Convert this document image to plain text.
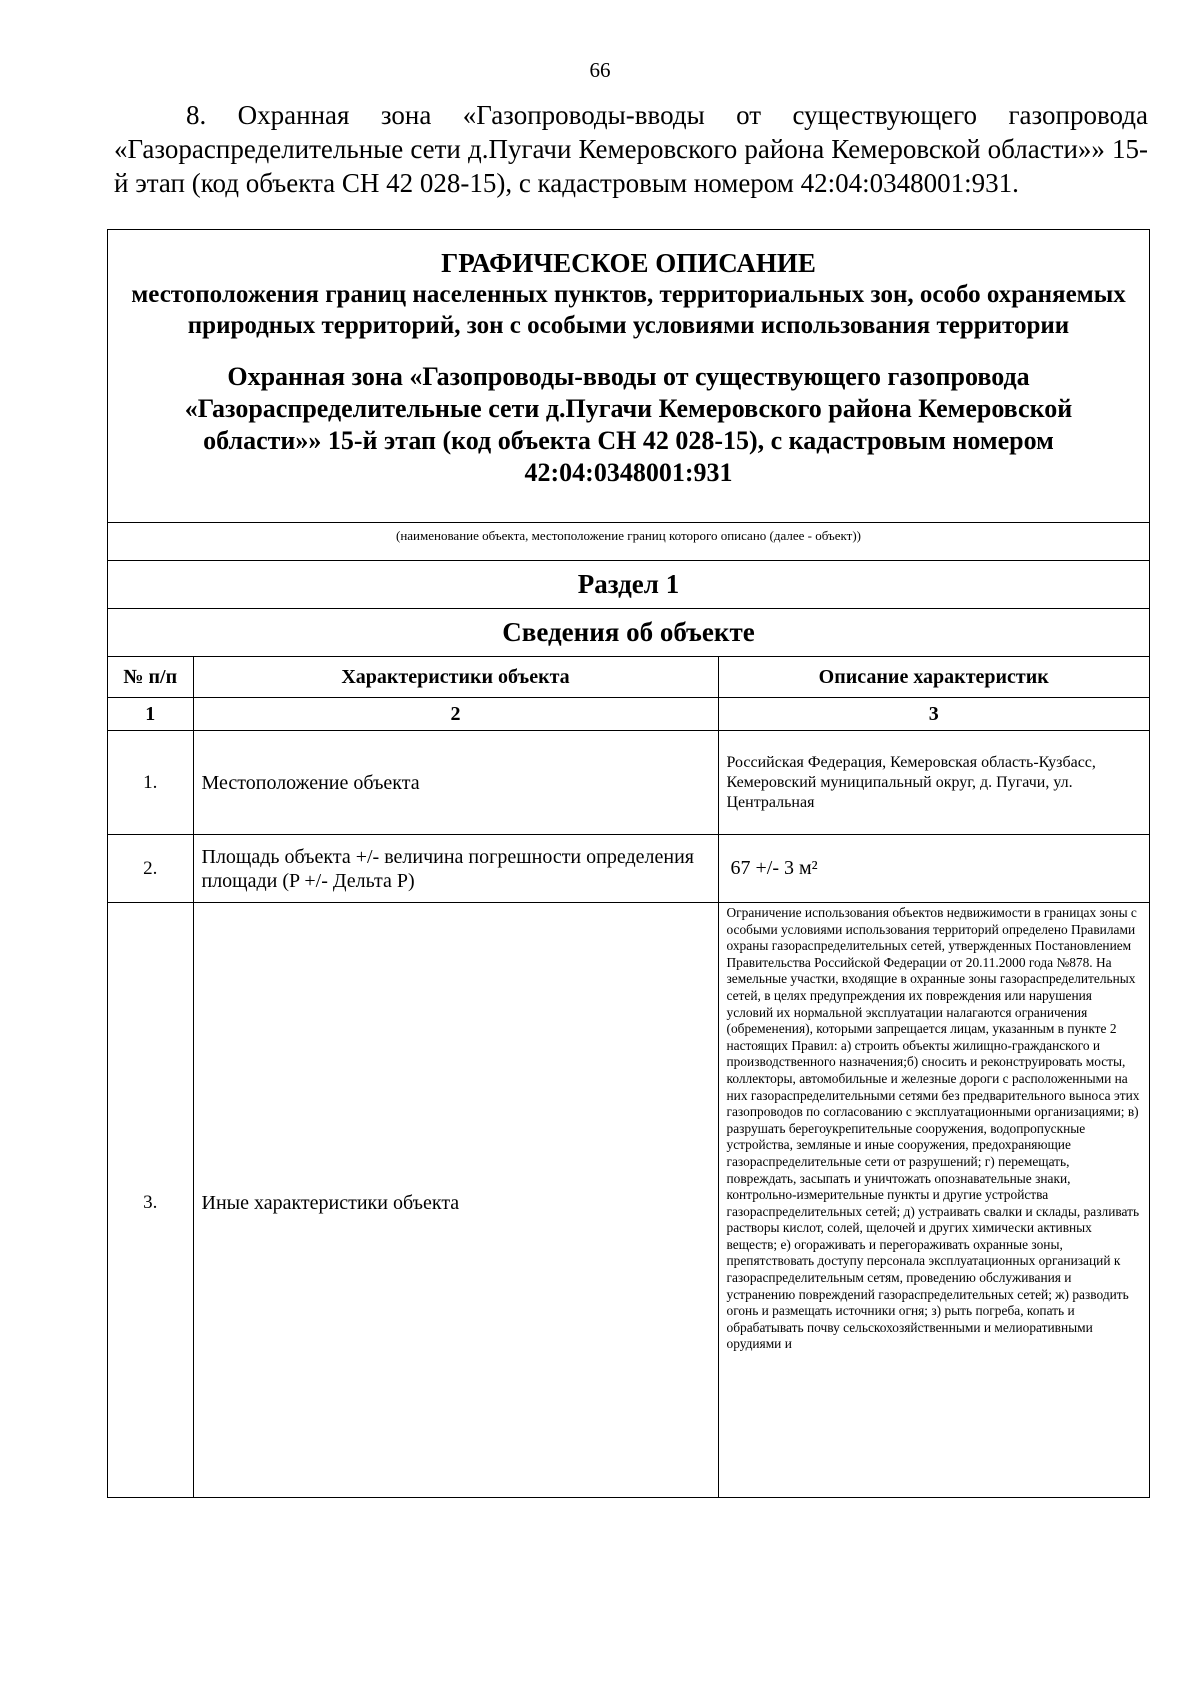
66
8. Охранная зона «Газопроводы-вводы от существующего газопровода «Газораспределительные сети д.Пугачи Кемеровского района Кемеровской области»» 15-й этап (код объекта СН 42 028-15), с кадастровым номером 42:04:0348001:931.
ГРАФИЧЕСКОЕ ОПИСАНИЕ
местоположения границ населенных пунктов, территориальных зон, особо охраняемых природных территорий, зон с особыми условиями использования территории
Охранная зона «Газопроводы-вводы от существующего газопровода «Газораспределительные сети д.Пугачи Кемеровского района Кемеровской области»» 15-й этап (код объекта СН 42 028-15), с кадастровым номером 42:04:0348001:931
(наименование объекта, местоположение границ которого описано (далее - объект))
Раздел 1
Сведения об объекте
№ п/п	Характеристики объекта	Описание характеристик
1	2	3
1.	Местоположение объекта	Российская Федерация, Кемеровская область-Кузбасс, Кемеровский муниципальный округ, д. Пугачи, ул. Центральная
2.	Площадь объекта +/- величина погрешности определения площади (P +/- Дельта P)	67 +/- 3 м²
3.	Иные характеристики объекта	Ограничение использования объектов недвижимости в границах зоны с особыми условиями использования территорий определено Правилами охраны газораспределительных сетей, утвержденных Постановлением Правительства Российской Федерации от 20.11.2000 года №878. На земельные участки, входящие в охранные зоны газораспределительных сетей, в целях предупреждения их повреждения или нарушения условий их нормальной эксплуатации налагаются ограничения (обременения), которыми запрещается лицам, указанным в пункте 2 настоящих Правил: а) строить объекты жилищно-гражданского и производственного назначения;б) сносить и реконструировать мосты, коллекторы, автомобильные и железные дороги с расположенными на них газораспределительными сетями без предварительного выноса этих газопроводов по согласованию с эксплуатационными организациями; в) разрушать берегоукрепительные сооружения, водопропускные устройства, земляные и иные сооружения, предохраняющие газораспределительные сети от разрушений; г) перемещать, повреждать, засыпать и уничтожать опознавательные знаки, контрольно-измерительные пункты и другие устройства газораспределительных сетей; д) устраивать свалки и склады, разливать растворы кислот, солей, щелочей и других химически активных веществ; е) огораживать и перегораживать охранные зоны, препятствовать доступу персонала эксплуатационных организаций к газораспределительным сетям, проведению обслуживания и устранению повреждений газораспределительных сетей; ж) разводить огонь и размещать источники огня; з) рыть погреба, копать и обрабатывать почву сельскохозяйственными и мелиоративными орудиями и
